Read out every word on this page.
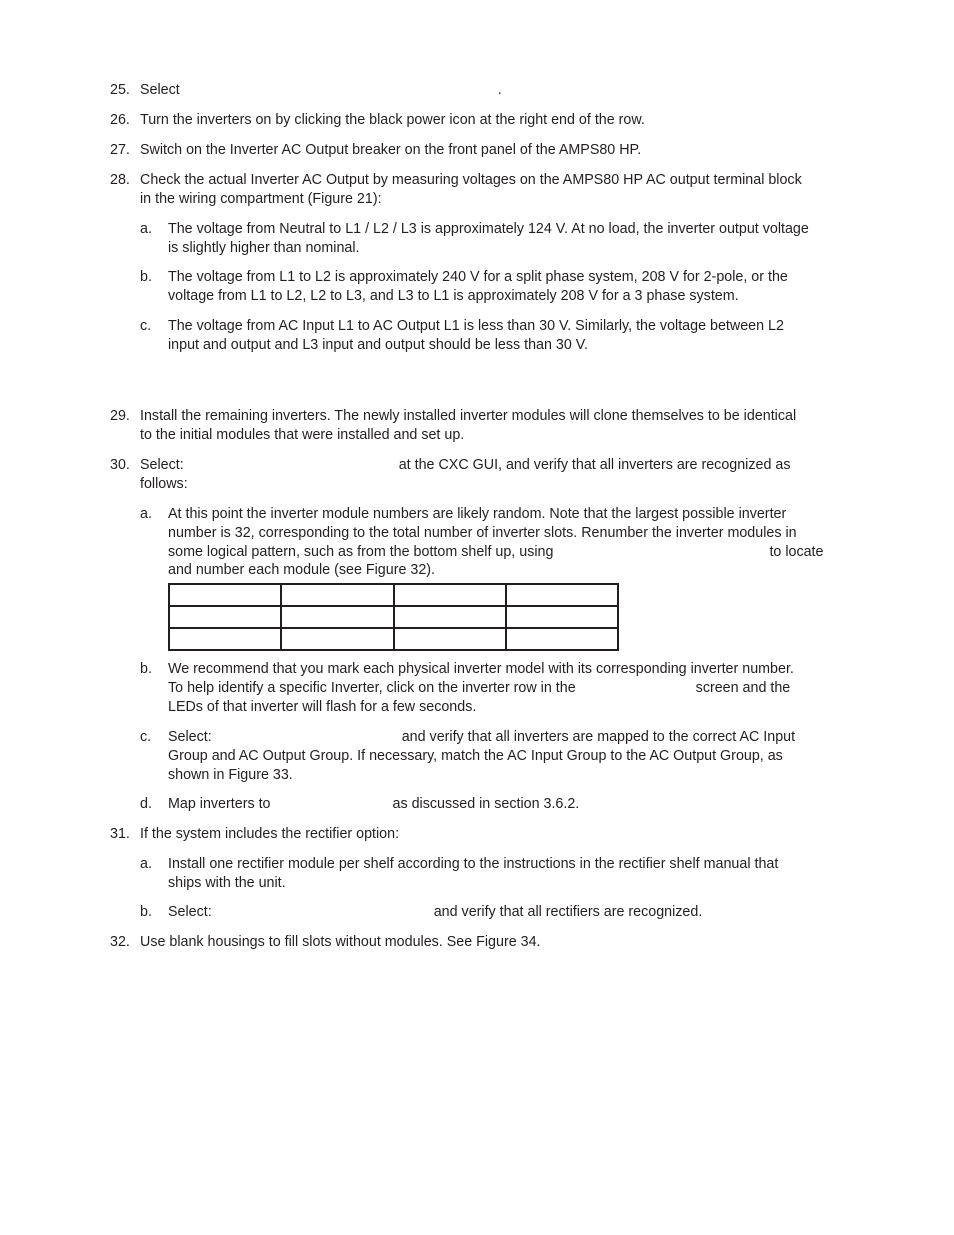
25. Select	.
26. Turn the inverters on by clicking the black power icon at the right end of the row.
27. Switch on the Inverter AC Output breaker on the front panel of the AMPS80 HP.
28. Check the actual Inverter AC Output by measuring voltages on the AMPS80 HP AC output terminal block
in the wiring compartment (Figure 21):
a.	The voltage from Neutral to L1 / L2 / L3 is approximately 124 V. At no load, the inverter output voltage
is slightly higher than nominal.
b.	The voltage from L1 to L2 is approximately 240 V for a split phase system, 208 V for 2-pole, or the
voltage from L1 to L2, L2 to L3, and L3 to L1 is approximately 208 V for a 3 phase system.
c.	The voltage from AC Input L1 to AC Output L1 is less than 30 V. Similarly, the voltage between L2
input and output and L3 input and output should be less than 30 V.
29. Install the remaining inverters. The newly installed inverter modules will clone themselves to be identical
to the initial modules that were installed and set up.
30. Select:	at the CXC GUI, and verify that all inverters are recognized as
follows:
a.	At this point the inverter module numbers are likely random. Note that the largest possible inverter
number is 32, corresponding to the total number of inverter slots. Renumber the inverter modules in
some logical pattern, such as from the bottom shelf up, using	to locate
and number each module (see Figure 32).

b.	We recommend that you mark each physical inverter model with its corresponding inverter number.
To help identify a specific Inverter, click on the inverter row in the	screen and the
LEDs of that inverter will flash for a few seconds.
c.	Select:	and verify that all inverters are mapped to the correct AC Input
Group and AC Output Group. If necessary, match the AC Input Group to the AC Output Group, as
shown in Figure 33.
d.	Map inverters to	as discussed in section 3.6.2.
31. If the system includes the rectifier option:
a.	Install one rectifier module per shelf according to the instructions in the rectifier shelf manual that
ships with the unit.
b.	Select:	and verify that all rectifiers are recognized.
32. Use blank housings to fill slots without modules. See Figure 34.
